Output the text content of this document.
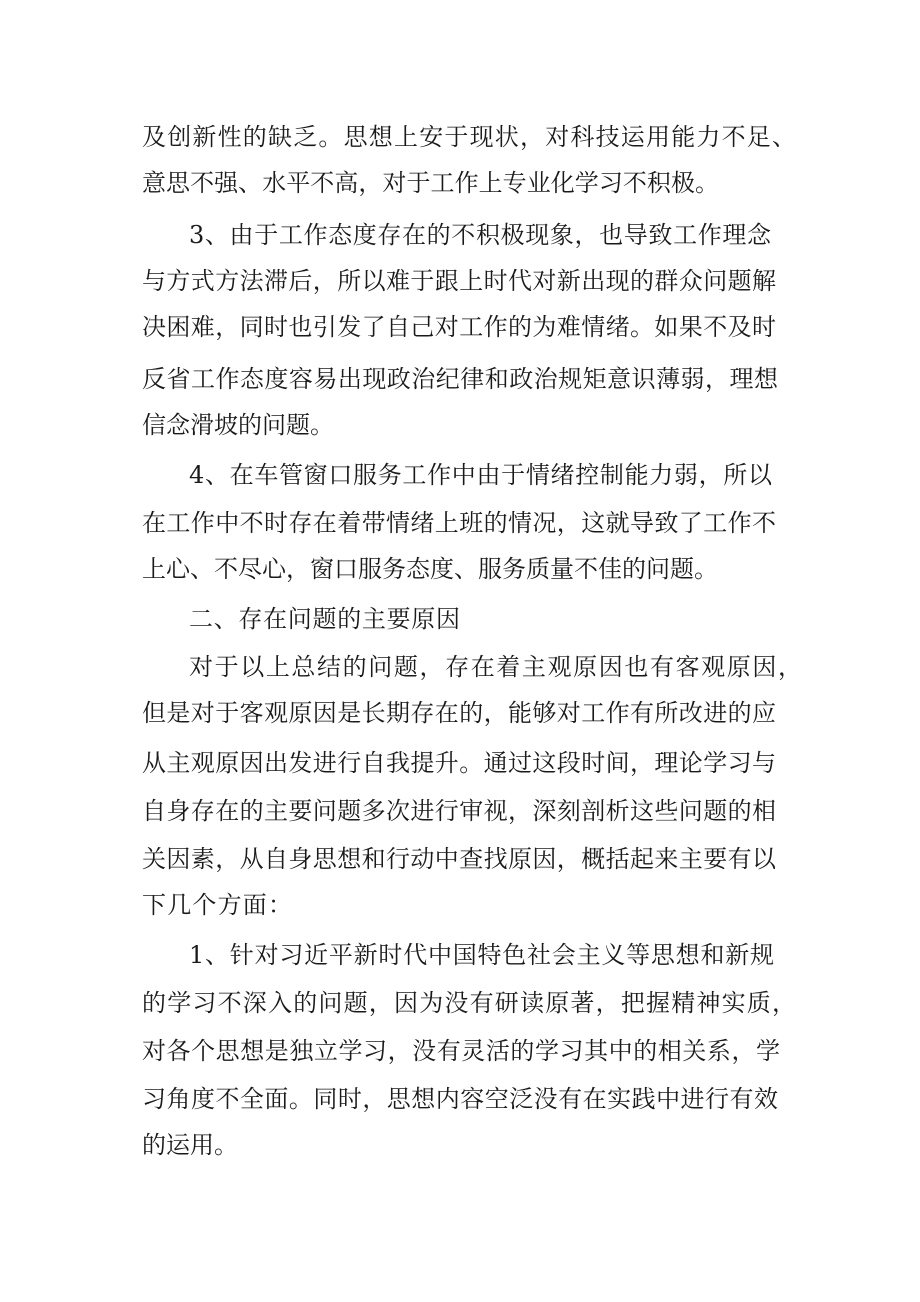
及创新性的缺乏。思想上安于现状，对科技运用能力不足、
意思不强、水平不高，对于工作上专业化学习不积极。
3、由于工作态度存在的不积极现象，也导致工作理念
与方式方法滞后，所以难于跟上时代对新出现的群众问题解
决困难，同时也引发了自己对工作的为难情绪。如果不及时
反省工作态度容易出现政治纪律和政治规矩意识薄弱，理想
信念滑坡的问题。
4、在车管窗口服务工作中由于情绪控制能力弱，所以
在工作中不时存在着带情绪上班的情况，这就导致了工作不
上心、不尽心，窗口服务态度、服务质量不佳的问题。
二、存在问题的主要原因
对于以上总结的问题，存在着主观原因也有客观原因，
但是对于客观原因是长期存在的，能够对工作有所改进的应
从主观原因出发进行自我提升。通过这段时间，理论学习与
自身存在的主要问题多次进行审视，深刻剖析这些问题的相
关因素，从自身思想和行动中查找原因，概括起来主要有以
下几个方面：
1、针对习近平新时代中国特色社会主义等思想和新规
的学习不深入的问题，因为没有研读原著，把握精神实质，
对各个思想是独立学习，没有灵活的学习其中的相关系，学
习角度不全面。同时，思想内容空泛没有在实践中进行有效
的运用。
